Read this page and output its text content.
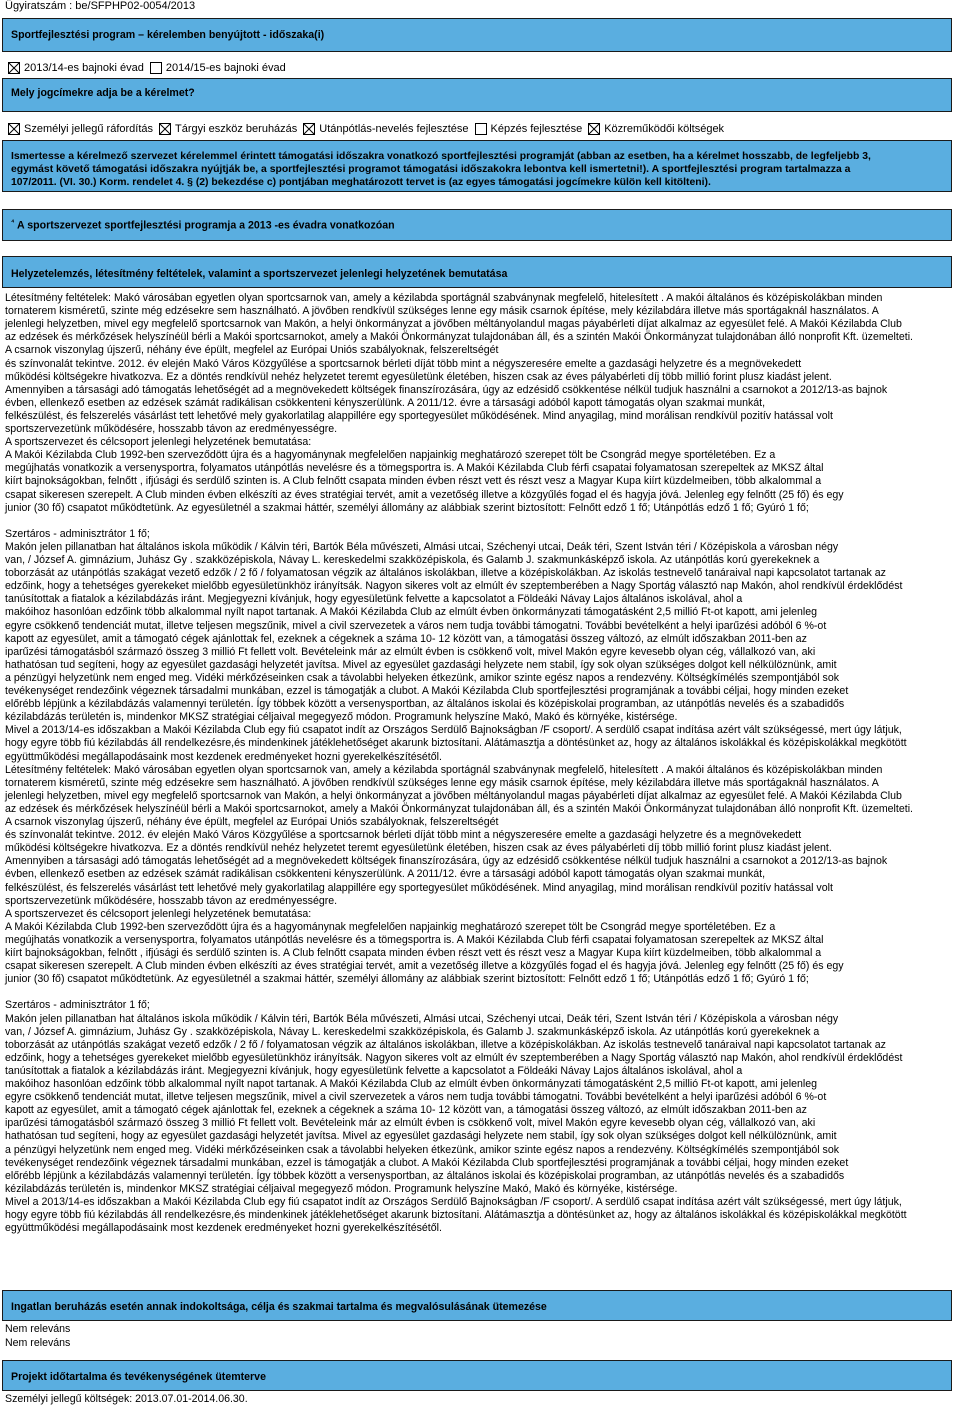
Ügyiratszám : be/SFPHP02-0054/2013
Sportfejlesztési program – kérelemben benyújtott - időszaka(i)
2013/14-es bajnoki évad 2014/15-es bajnoki évad
Mely jogcímekre adja be a kérelmet?
Személyi jellegű ráfordítás Tárgyi eszköz beruházás Utánpótlás-nevelés fejlesztése Képzés fejlesztése Közreműködői költségek
Ismertesse a kérelmező szervezet kérelemmel érintett támogatási időszakra vonatkozó sportfejlesztési programját (abban az esetben, ha a kérelmet hosszabb, de legfeljebb 3,
egymást követő támogatási időszakra nyújtják be, a sportfejlesztési programot támogatási időszakokra lebontva kell ismertetni!). A sportfejlesztési program tartalmazza a
107/2011. (VI. 30.) Korm. rendelet 4. § (2) bekezdése c) pontjában meghatározott tervet is (az egyes támogatási jogcímekre külön kell kitölteni).
$^{^4}$ A sportszervezet sportfejlesztési programja a 2013 -es évadra vonatkozóan
Helyzetelemzés, létesítmény feltételek, valamint a sportszervezet jelenlegi helyzetének bemutatása
Létesítmény feltételek: Makó városában egyetlen olyan sportcsarnok van, amely a kézilabda sportágnál szabványnak megfelelő, hitelesített . A makói általános és középiskolákban minden
tornaterem kisméretű, szinte még edzésekre sem használható. A jövőben rendkívül szükséges lenne egy másik csarnok építése, mely kézilabdára illetve más sportágaknál használatos. A
jelenlegi helyzetben, mivel egy megfelelő sportcsarnok van Makón, a helyi önkormányzat a jövőben méltányolandul magas páyabérleti díjat alkalmaz az egyesület felé. A Makói Kézilabda Club
az edzések és mérkőzések helyszínéül bérli a Makói sportcsarnokot, amely a Makói Önkormányzat tulajdonában áll, és a szintén Makói Önkormányzat tulajdonában álló nonprofit Kft. üzemelteti.
A csarnok viszonylag újszerű, néhány éve épült, megfelel az Európai Uniós szabályoknak, felszereltségét
és színvonalát tekintve. 2012. év elején Makó Város Közgyűlése a sportcsarnok bérleti díját több mint a négyszeresére emelte a gazdasági helyzetre és a megnövekedett
működési költségekre hivatkozva. Ez a döntés rendkívül nehéz helyzetet teremt egyesületünk életében, hiszen csak az éves pályabérleti díj több millió forint plusz kiadást jelent.
Amennyiben a társasági adó támogatás lehetőségét ad a megnövekedett költségek finanszírozására, úgy az edzésidő csökkentése nélkül tudjuk használni a csarnokot a 2012/13-as bajnok
évben, ellenkező esetben az edzések számát radikálisan csökkenteni kényszerülünk. A 2011/12. évre a társasági adóból kapott támogatás olyan szakmai munkát,
felkészülést, és felszerelés vásárlást tett lehetővé mely gyakorlatilag alappillére egy sportegyesület működésének. Mind anyagilag, mind morálisan rendkívül pozitív hatással volt
sportszervezetünk működésére, hosszabb távon az eredményességre.
A sportszervezet és célcsoport jelenlegi helyzetének bemutatása:
A Makói Kézilabda Club 1992-ben szerveződött újra és a hagyománynak megfelelően napjainkig meghatározó szerepet tölt be Csongrád megye sportéletében. Ez a
megújhatás vonatkozik a versenysportra, folyamatos utánpótlás nevelésre és a tömegsportra is. A Makói Kézilabda Club férfi csapatai folyamatosan szerepeltek az MKSZ által
kiírt bajnokságokban, felnőtt , ifjúsági és serdülő szinten is. A Club felnőtt csapata minden évben részt vett és részt vesz a Magyar Kupa kiírt küzdelmeiben, több alkalommal a
csapat sikeresen szerepelt. A Club minden évben elkészíti az éves stratégiai tervét, amit a vezetőség illetve a közgyűlés fogad el és hagyja jóvá. Jelenleg egy felnőtt (25 fő) és egy
junior (30 fő) csapatot működtetünk. Az egyesületnél a szakmai háttér, személyi állomány az alábbiak szerint biztosított: Felnőtt edző 1 fő; Utánpótlás edző 1 fő; Gyúró 1 fő;
Szertáros - adminisztrátor 1 fő;
Makón jelen pillanatban hat általános iskola működik / Kálvin téri, Bartók Béla művészeti, Almási utcai, Széchenyi utcai, Deák téri, Szent István téri / Középiskola a városban négy
van, / József A. gimnázium, Juhász Gy . szakközépiskola, Návay L. kereskedelmi szakközépiskola, és Galamb J. szakmunkásképző iskola. Az utánpótlás korú gyerekeknek a
toborzását az utánpótlás szakágat vezető edzők / 2 fő / folyamatosan végzik az általános iskolákban, illetve a középiskolákban. Az iskolás testnevelő tanáraival napi kapcsolatot tartanak az
edzőink, hogy a tehetséges gyerekeket mielőbb egyesületünkhöz irányítsák. Nagyon sikeres volt az elmúlt év szeptemberében a Nagy Sportág választó nap Makón, ahol rendkívül érdeklődést
tanúsítottak a fiatalok a kézilabdázás iránt. Megjegyezni kívánjuk, hogy egyesületünk felvette a kapcsolatot a Földeáki Návay Lajos általános iskolával, ahol a
makóihoz hasonlóan edzőink több alkalommal nyílt napot tartanak. A Makói Kézilabda Club az elmúlt évben önkormányzati támogatásként 2,5 millió Ft-ot kapott, ami jelenleg
egyre csökkenő tendenciát mutat, illetve teljesen megszűnik, mivel a civil szervezetek a város nem tudja további támogatni. További bevételként a helyi iparűzési adóból 6 %-ot
kapott az egyesület, amit a támogató cégek ajánlottak fel, ezeknek a cégeknek a száma 10- 12 között van, a támogatási összeg változó, az elmúlt időszakban 2011-ben az
iparűzési támogatásból származó összeg 3 millió Ft fellett volt. Bevételeink már az elmúlt évben is csökkenő volt, mivel Makón egyre kevesebb olyan cég, vállalkozó van, aki
hathatósan tud segíteni, hogy az egyesület gazdasági helyzetét javítsa. Mivel az egyesület gazdasági helyzete nem stabil, így sok olyan szükséges dolgot kell nélkülöznünk, amit
a pénzügyi helyzetünk nem enged meg. Vidéki mérkőzéseinken csak a távolabbi helyeken étkezünk, amikor szinte egész napos a rendezvény. Költségkímélés szempontjából sok
tevékenységet rendezőink végeznek társadalmi munkában, ezzel is támogatják a clubot. A Makói Kézilabda Club sportfejlesztési programjának a további céljai, hogy minden ezeket
előrébb lépjünk a kézilabdázás valamennyi területén. Így többek között a versenysportban, az általános iskolai és középiskolai programban, az utánpótlás nevelés és a szabadidős
kézilabdázás területén is, mindenkor MKSZ stratégiai céljaival megegyező módon. Programunk helyszíne Makó, Makó és környéke, kistérsége.
Mivel a 2013/14-es időszakban a Makói Kézilabda Club egy fiú csapatot indít az Országos Serdülő Bajnokságban /F csoport/. A serdülő csapat indítása azért vált szükségessé, mert úgy látjuk,
hogy egyre több fiú kézilabdás áll rendelkezésre,és mindenkinek játéklehetőséget akarunk biztosítani. Alátámasztja a döntésünket az, hogy az általános iskolákkal és középiskolákkal megkötött
együttműködési megállapodásaink most kezdenek eredményeket hozni gyerekelkészítésétől.
Létesítmény feltételek: Makó városában egyetlen olyan sportcsarnok van, amely a kézilabda sportágnál szabványnak megfelelő, hitelesített . A makói általános és középiskolákban minden
tornaterem kisméretű, szinte még edzésekre sem használható. A jövőben rendkívül szükséges lenne egy másik csarnok építése, mely kézilabdára illetve más sportágaknál használatos. A
jelenlegi helyzetben, mivel egy megfelelő sportcsarnok van Makón, a helyi önkormányzat a jövőben méltányolandul magas páyabérleti díjat alkalmaz az egyesület felé. A Makói Kézilabda Club
az edzések és mérkőzések helyszínéül bérli a Makói sportcsarnokot, amely a Makói Önkormányzat tulajdonában áll, és a szintén Makói Önkormányzat tulajdonában álló nonprofit Kft. üzemelteti.
A csarnok viszonylag újszerű, néhány éve épült, megfelel az Európai Uniós szabályoknak, felszereltségét
és színvonalát tekintve. 2012. év elején Makó Város Közgyűlése a sportcsarnok bérleti díját több mint a négyszeresére emelte a gazdasági helyzetre és a megnövekedett
működési költségekre hivatkozva. Ez a döntés rendkívül nehéz helyzetet teremt egyesületünk életében, hiszen csak az éves pályabérleti díj több millió forint plusz kiadást jelent.
Amennyiben a társasági adó támogatás lehetőségét ad a megnövekedett költségek finanszírozására, úgy az edzésidő csökkentése nélkül tudjuk használni a csarnokot a 2012/13-as bajnok
évben, ellenkező esetben az edzések számát radikálisan csökkenteni kényszerülünk. A 2011/12. évre a társasági adóból kapott támogatás olyan szakmai munkát,
felkészülést, és felszerelés vásárlást tett lehetővé mely gyakorlatilag alappillére egy sportegyesület működésének. Mind anyagilag, mind morálisan rendkívül pozitív hatással volt
sportszervezetünk működésére, hosszabb távon az eredményességre.
A sportszervezet és célcsoport jelenlegi helyzetének bemutatása:
A Makói Kézilabda Club 1992-ben szerveződött újra és a hagyománynak megfelelően napjainkig meghatározó szerepet tölt be Csongrád megye sportéletében. Ez a
megújhatás vonatkozik a versenysportra, folyamatos utánpótlás nevelésre és a tömegsportra is. A Makói Kézilabda Club férfi csapatai folyamatosan szerepeltek az MKSZ által
kiírt bajnokságokban, felnőtt , ifjúsági és serdülő szinten is. A Club felnőtt csapata minden évben részt vett és részt vesz a Magyar Kupa kiírt küzdelmeiben, több alkalommal a
csapat sikeresen szerepelt. A Club minden évben elkészíti az éves stratégiai tervét, amit a vezetőség illetve a közgyűlés fogad el és hagyja jóvá. Jelenleg egy felnőtt (25 fő) és egy
junior (30 fő) csapatot működtetünk. Az egyesületnél a szakmai háttér, személyi állomány az alábbiak szerint biztosított: Felnőtt edző 1 fő; Utánpótlás edző 1 fő; Gyúró 1 fő;
Szertáros - adminisztrátor 1 fő;
Makón jelen pillanatban hat általános iskola működik / Kálvin téri, Bartók Béla művészeti, Almási utcai, Széchenyi utcai, Deák téri, Szent István téri / Középiskola a városban négy
van, / József A. gimnázium, Juhász Gy . szakközépiskola, Návay L. kereskedelmi szakközépiskola, és Galamb J. szakmunkásképző iskola. Az utánpótlás korú gyerekeknek a
toborzását az utánpótlás szakágat vezető edzők / 2 fő / folyamatosan végzik az általános iskolákban, illetve a középiskolákban. Az iskolás testnevelő tanáraival napi kapcsolatot tartanak az
edzőink, hogy a tehetséges gyerekeket mielőbb egyesületünkhöz irányítsák. Nagyon sikeres volt az elmúlt év szeptemberében a Nagy Sportág választó nap Makón, ahol rendkívül érdeklődést
tanúsítottak a fiatalok a kézilabdázás iránt. Megjegyezni kívánjuk, hogy egyesületünk felvette a kapcsolatot a Földeáki Návay Lajos általános iskolával, ahol a
makóihoz hasonlóan edzőink több alkalommal nyílt napot tartanak. A Makói Kézilabda Club az elmúlt évben önkormányzati támogatásként 2,5 millió Ft-ot kapott, ami jelenleg
egyre csökkenő tendenciát mutat, illetve teljesen megszűnik, mivel a civil szervezetek a város nem tudja további támogatni. További bevételként a helyi iparűzési adóból 6 %-ot
kapott az egyesület, amit a támogató cégek ajánlottak fel, ezeknek a cégeknek a száma 10- 12 között van, a támogatási összeg változó, az elmúlt időszakban 2011-ben az
iparűzési támogatásból származó összeg 3 millió Ft fellett volt. Bevételeink már az elmúlt évben is csökkenő volt, mivel Makón egyre kevesebb olyan cég, vállalkozó van, aki
hathatósan tud segíteni, hogy az egyesület gazdasági helyzetét javítsa. Mivel az egyesület gazdasági helyzete nem stabil, így sok olyan szükséges dolgot kell nélkülöznünk, amit
a pénzügyi helyzetünk nem enged meg. Vidéki mérkőzéseinken csak a távolabbi helyeken étkezünk, amikor szinte egész napos a rendezvény. Költségkímélés szempontjából sok
tevékenységet rendezőink végeznek társadalmi munkában, ezzel is támogatják a clubot. A Makói Kézilabda Club sportfejlesztési programjának a további céljai, hogy minden ezeket
előrébb lépjünk a kézilabdázás valamennyi területén. Így többek között a versenysportban, az általános iskolai és középiskolai programban, az utánpótlás nevelés és a szabadidős
kézilabdázás területén is, mindenkor MKSZ stratégiai céljaival megegyező módon. Programunk helyszíne Makó, Makó és környéke, kistérsége.
Mivel a 2013/14-es időszakban a Makói Kézilabda Club egy fiú csapatot indít az Országos Serdülő Bajnokságban /F csoport/. A serdülő csapat indítása azért vált szükségessé, mert úgy látjuk,
hogy egyre több fiú kézilabdás áll rendelkezésre,és mindenkinek játéklehetőséget akarunk biztosítani. Alátámasztja a döntésünket az, hogy az általános iskolákkal és középiskolákkal megkötött
együttműködési megállapodásaink most kezdenek eredményeket hozni gyerekelkészítésétől.
Ingatlan beruházás esetén annak indokoltsága, célja és szakmai tartalma és megvalósulásának ütemezése
Nem releváns
Nem releváns
Projekt időtartalma és tevékenységének ütemterve
Személyi jellegű költségek: 2013.07.01-2014.06.30.
